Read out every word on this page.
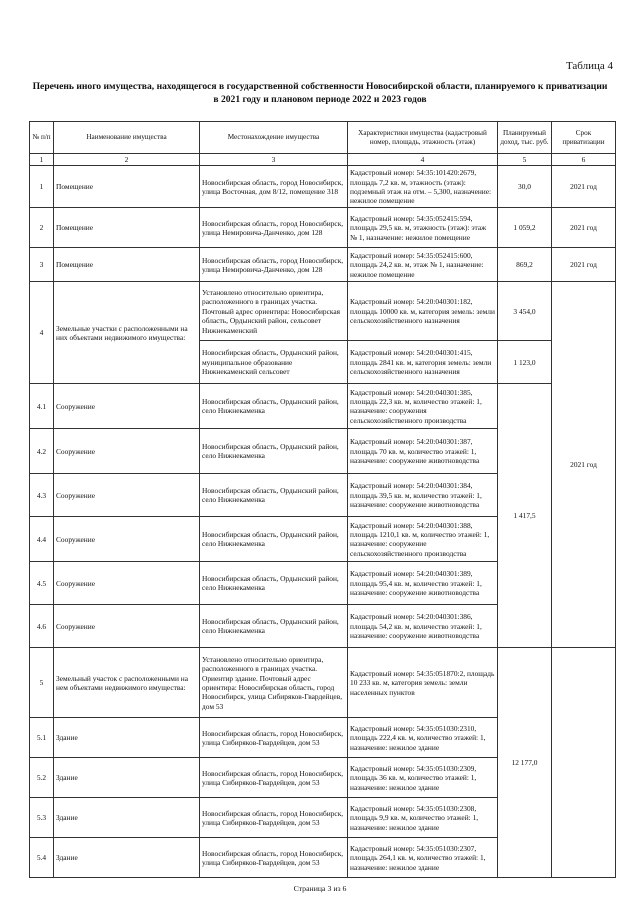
Таблица 4
Перечень иного имущества, находящегося в государственной собственности Новосибирской области, планируемого к приватизации
в 2021 году и плановом периоде 2022 и 2023 годов
№ п/п	Наименование имущества	Местонахождение имущества	Характеристики имущества (кадастровый номер, площадь, этажность (этаж)	Планируемый доход, тыс. руб.	Срок приватизации
1	2	3	4	5	6
1	Помещение	Новосибирская область, город Новосибирск, улица Восточная, дом 8/12, помещение 318	Кадастровый номер: 54:35:101420:2679, площадь 7,2 кв. м, этажность (этаж): подземный этаж на отм. – 5,300, назначение: нежилое помещение	30,0	2021 год
2	Помещение	Новосибирская область, город Новосибирск, улица Немировича-Данченко, дом 128	Кадастровый номер: 54:35:052415:594, площадь 29,5 кв. м, этажность (этаж): этаж № 1, назначение: нежилое помещение	1 059,2	2021 год
3	Помещение	Новосибирская область, город Новосибирск, улица Немировича-Данченко, дом 128	Кадастровый номер: 54:35:052415:600, площадь 24,2 кв. м, этаж № 1, назначение: нежилое помещение	869,2	2021 год
4	Земельные участки с расположенными на них объектами недвижимого имущества:	Установлено относительно ориентира, расположенного в границах участка. Почтовый адрес ориентира: Новосибирская область, Ордынский район, сельсовет Нижнекаменский	Кадастровый номер: 54:20:040301:182, площадь 10000 кв. м, категория земель: земли сельскохозяйственного назначения	3 454,0	2021 год
		Новосибирская область, Ордынский район, муниципальное образование Нижнекаменский сельсовет	Кадастровый номер: 54:20:040301:415, площадь 2841 кв. м, категория земель: земли сельскохозяйственного назначения	1 123,0	
4.1	Сооружение	Новосибирская область, Ордынский район, село Нижнекаменка	Кадастровый номер: 54:20:040301:385, площадь 22,3 кв. м, количество этажей: 1, назначение: сооружения сельскохозяйственного производства	1 417,5	
4.2	Сооружение	Новосибирская область, Ордынский район, село Нижнекаменка	Кадастровый номер: 54:20:040301:387, площадь 70 кв. м, количество этажей: 1, назначение: сооружение животноводства		
4.3	Сооружение	Новосибирская область, Ордынский район, село Нижнекаменка	Кадастровый номер: 54:20:040301:384, площадь 39,5 кв. м, количество этажей: 1, назначение: сооружение животноводства		
4.4	Сооружение	Новосибирская область, Ордынский район, село Нижнекаменка	Кадастровый номер: 54:20:040301:388, площадь 1210,1 кв. м, количество этажей: 1, назначение: сооружение сельскохозяйственного производства		
4.5	Сооружение	Новосибирская область, Ордынский район, село Нижнекаменка	Кадастровый номер: 54:20:040301:389, площадь 95,4 кв. м, количество этажей: 1, назначение: сооружение животноводства		
4.6	Сооружение	Новосибирская область, Ордынский район, село Нижнекаменка	Кадастровый номер: 54:20:040301:386, площадь 54,2 кв. м, количество этажей: 1, назначение: сооружение животноводства		
5	Земельный участок с расположенными на нем объектами недвижимого имущества:	Установлено относительно ориентира, расположенного в границах участка. Ориентир здание. Почтовый адрес ориентира: Новосибирская область, город Новосибирск, улица Сибиряков-Гвардейцев, дом 53	Кадастровый номер: 54:35:051870:2, площадь 10 233 кв. м, категория земель: земли населенных пунктов	12 177,0	
5.1	Здание	Новосибирская область, город Новосибирск, улица Сибиряков-Гвардейцев, дом 53	Кадастровый номер: 54:35:051030:2310, площадь 222,4 кв. м, количество этажей: 1, назначение: нежилое здание		
5.2	Здание	Новосибирская область, город Новосибирск, улица Сибиряков-Гвардейцев, дом 53	Кадастровый номер: 54:35:051030:2309, площадь 36 кв. м, количество этажей: 1, назначение: нежилое здание		
5.3	Здание	Новосибирская область, город Новосибирск, улица Сибиряков-Гвардейцев, дом 53	Кадастровый номер: 54:35:051030:2308, площадь 9,9 кв. м, количество этажей: 1, назначение: нежилое здание		
5.4	Здание	Новосибирская область, город Новосибирск, улица Сибиряков-Гвардейцев, дом 53	Кадастровый номер: 54:35:051030:2307, площадь 264,1 кв. м, количество этажей: 1, назначение: нежилое здание		
Страница 3 из 6
